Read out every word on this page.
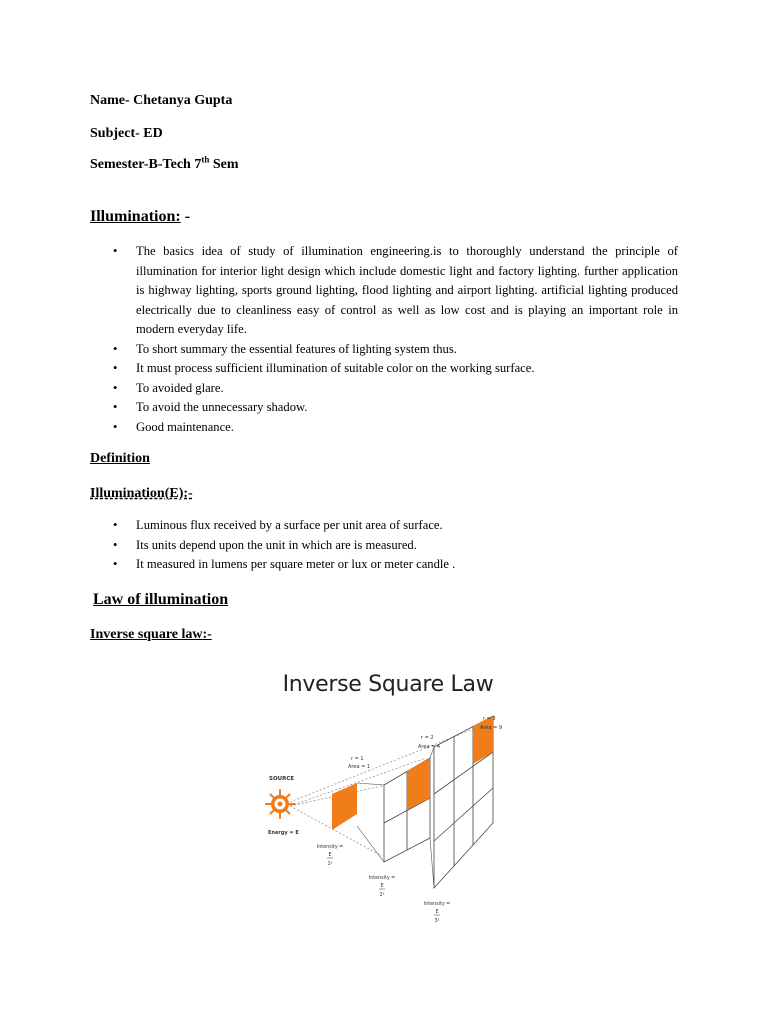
Name- Chetanya Gupta

Subject- ED

Semester-B-Tech 7th Sem

Illumination: -
• The basics idea of study of illumination engineering.is to thoroughly understand the principle of illumination for interior light design which include domestic light and factory lighting. further application is highway lighting, sports ground lighting, flood lighting and airport lighting. artificial lighting produced electrically due to cleanliness easy of control as well as low cost and is playing an important role in modern everyday life.
• To short summary the essential features of lighting system thus.
• It must process sufficient illumination of suitable color on the working surface.
• To avoided glare.
• To avoid the unnecessary shadow.
• Good maintenance.

Definition

Illumination(E):-

• Luminous flux received by a surface per unit area of surface.
• Its units depend upon the unit in which are is measured.
• It measured in lumens per square meter or lux or meter candle .
Law of illumination

Inverse square law:-

Inverse Square Law

SOURCE
Energy = E
r = 1
Area = 1
r = 2
Area = 4
r = 3
Area = 9
Intensity =
E
1²
Intensity =
E
2²
Intensity =
E
3²
